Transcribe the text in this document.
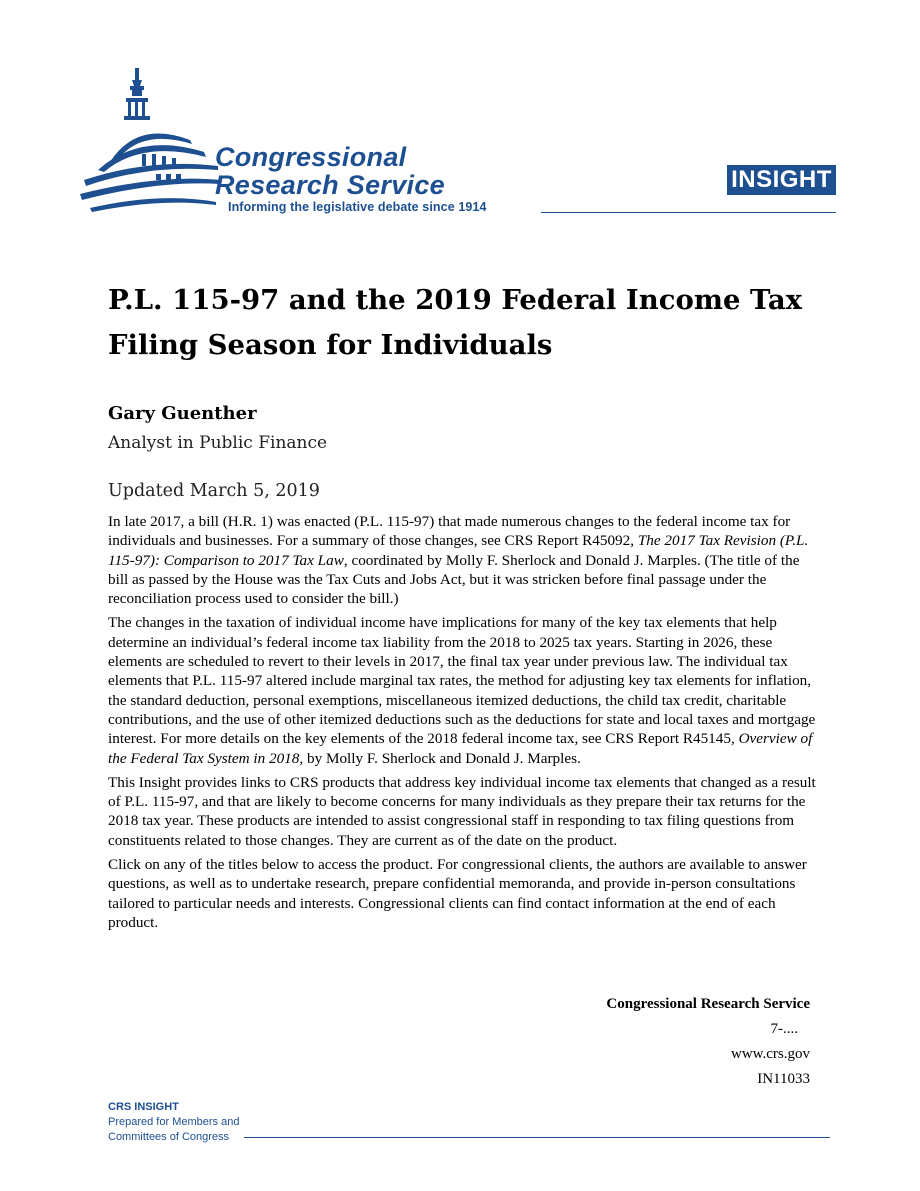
Congressional
Research Service
Informing the legislative debate since 1914
INSIGHT
P.L. 115-97 and the 2019 Federal Income Tax
Filing Season for Individuals
Gary Guenther
Analyst in Public Finance
Updated March 5, 2019

In late 2017, a bill (H.R. 1) was enacted (P.L. 115-97) that made numerous changes to the federal income tax for individuals and businesses. For a summary of those changes, see CRS Report R45092, The 2017 Tax Revision (P.L. 115-97): Comparison to 2017 Tax Law, coordinated by Molly F. Sherlock and Donald J. Marples. (The title of the bill as passed by the House was the Tax Cuts and Jobs Act, but it was stricken before final passage under the reconciliation process used to consider the bill.)

The changes in the taxation of individual income have implications for many of the key tax elements that help determine an individual’s federal income tax liability from the 2018 to 2025 tax years. Starting in 2026, these elements are scheduled to revert to their levels in 2017, the final tax year under previous law. The individual tax elements that P.L. 115-97 altered include marginal tax rates, the method for adjusting key tax elements for inflation, the standard deduction, personal exemptions, miscellaneous itemized deductions, the child tax credit, charitable contributions, and the use of other itemized deductions such as the deductions for state and local taxes and mortgage interest. For more details on the key elements of the 2018 federal income tax, see CRS Report R45145, Overview of the Federal Tax System in 2018, by Molly F. Sherlock and Donald J. Marples.

This Insight provides links to CRS products that address key individual income tax elements that changed as a result of P.L. 115-97, and that are likely to become concerns for many individuals as they prepare their tax returns for the 2018 tax year. These products are intended to assist congressional staff in responding to tax filing questions from constituents related to those changes. They are current as of the date on the product.

Click on any of the titles below to access the product. For congressional clients, the authors are available to answer questions, as well as to undertake research, prepare confidential memoranda, and provide in-person consultations tailored to particular needs and interests. Congressional clients can find contact information at the end of each product.

Congressional Research Service
7-....
www.crs.gov
IN11033
CRS INSIGHT
Prepared for Members and
Committees of Congress
